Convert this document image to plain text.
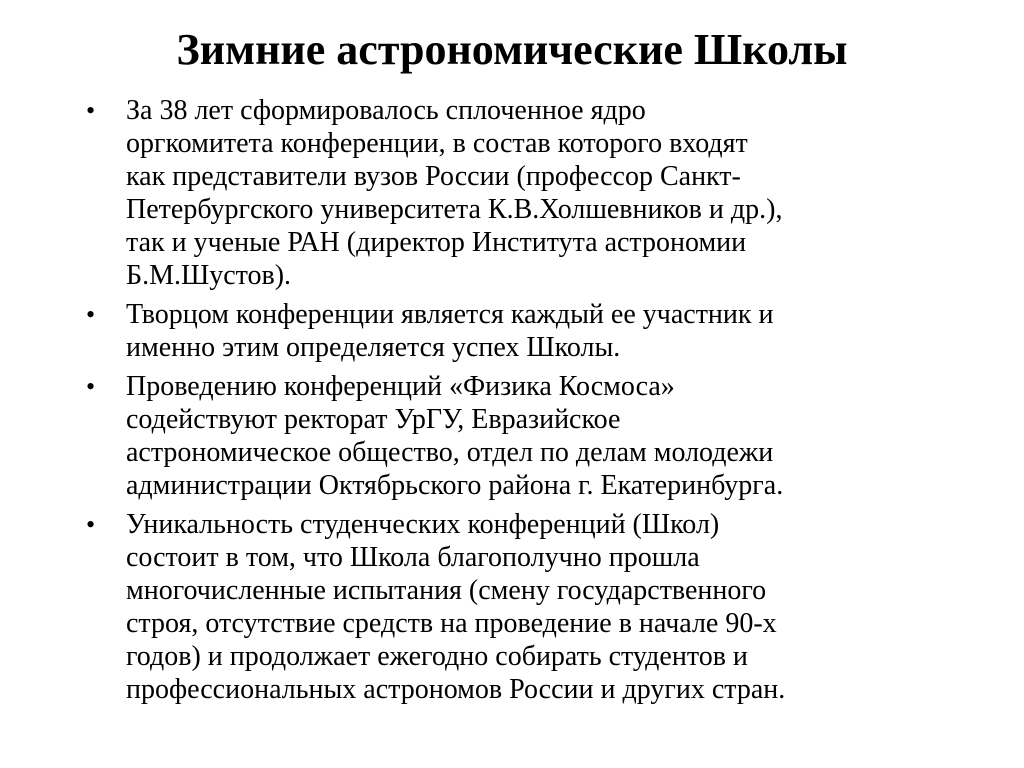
Зимние астрономические Школы
• За 38 лет сформировалось сплоченное ядро
оргкомитета конференции, в состав которого входят
как представители вузов России (профессор Санкт-
Петербургского университета К.В.Холшевников и др.),
так и ученые РАН (директор Института астрономии
Б.М.Шустов).
• Творцом конференции является каждый ее участник и
именно этим определяется успех Школы.
• Проведению конференций «Физика Космоса»
содействуют ректорат УрГУ, Евразийское
астрономическое общество, отдел по делам молодежи
администрации Октябрьского района г. Екатеринбурга.
• Уникальность студенческих конференций (Школ)
состоит в том, что Школа благополучно прошла
многочисленные испытания (смену государственного
строя, отсутствие средств на проведение в начале 90-х
годов) и продолжает ежегодно собирать студентов и
профессиональных астрономов России и других стран.
